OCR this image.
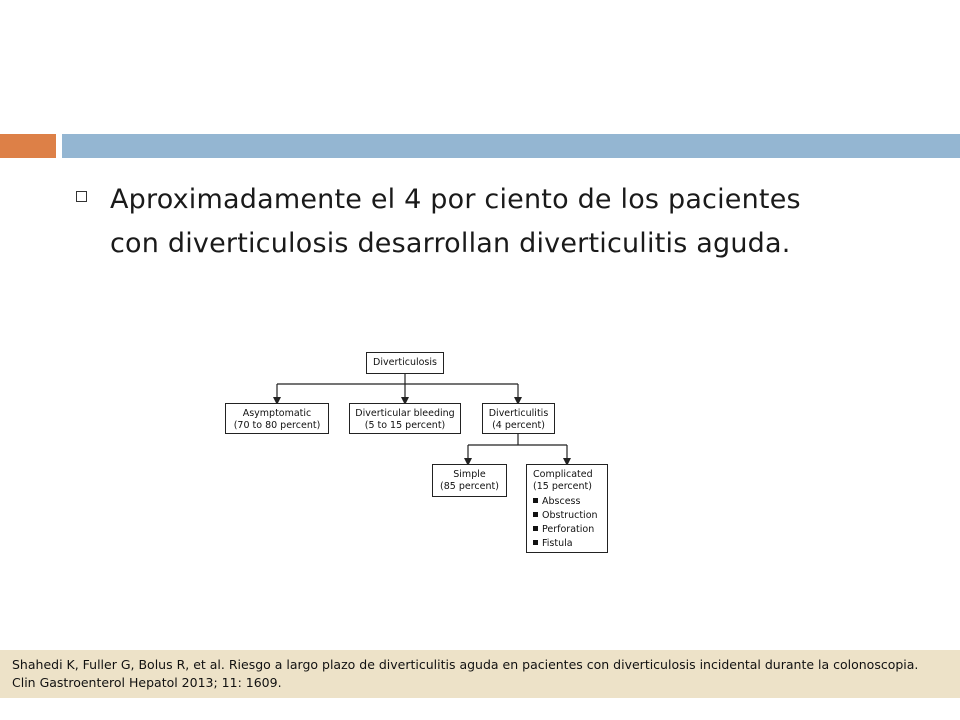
Aproximadamente el 4 por ciento de los pacientes
con diverticulosis desarrollan diverticulitis aguda.
Diverticulosis
Asymptomatic
(70 to 80 percent)
Diverticular bleeding
(5 to 15 percent)
Diverticulitis
(4 percent)
Simple
(85 percent)
Complicated
(15 percent)
Abscess
Obstruction
Perforation
Fistula
Shahedi K, Fuller G, Bolus R, et al. Riesgo a largo plazo de diverticulitis aguda en pacientes con diverticulosis incidental durante la colonoscopia.
Clin Gastroenterol Hepatol 2013; 11: 1609.
